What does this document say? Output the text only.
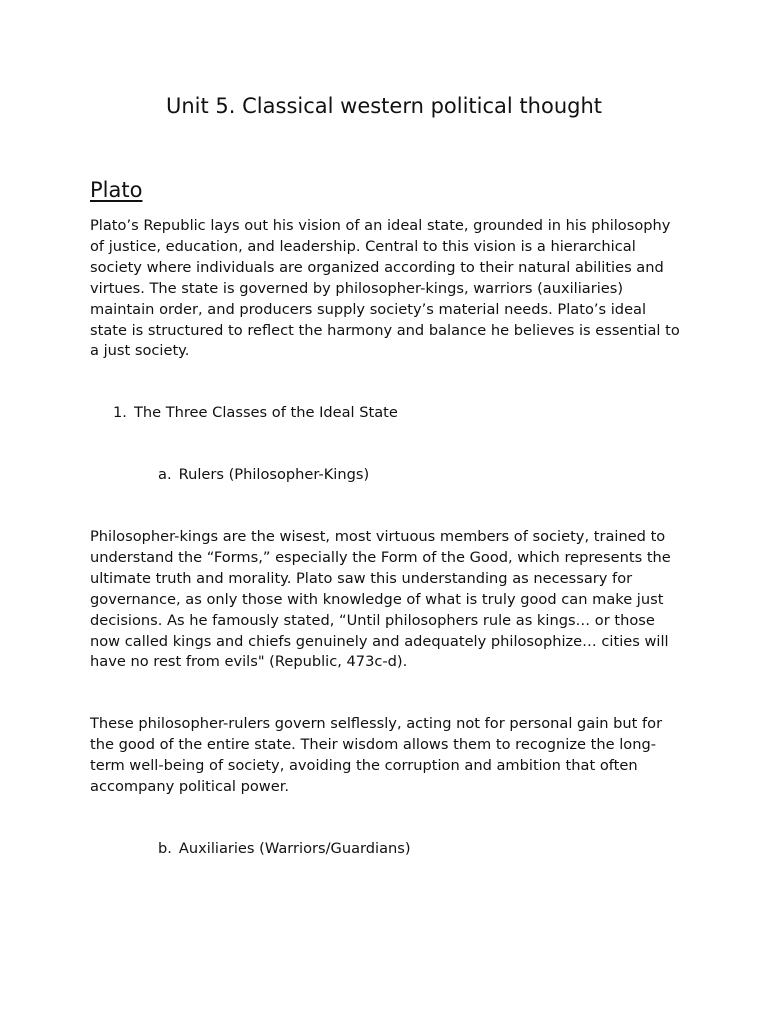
Unit 5. Classical western political thought
Plato

Plato’s Republic lays out his vision of an ideal state, grounded in his philosophy of justice, education, and leadership. Central to this vision is a hierarchical society where individuals are organized according to their natural abilities and virtues. The state is governed by philosopher-kings, warriors (auxiliaries) maintain order, and producers supply society’s material needs. Plato’s ideal state is structured to reflect the harmony and balance he believes is essential to a just society.

1. The Three Classes of the Ideal State
a. Rulers (Philosopher-Kings)

Philosopher-kings are the wisest, most virtuous members of society, trained to understand the “Forms,” especially the Form of the Good, which represents the ultimate truth and morality. Plato saw this understanding as necessary for governance, as only those with knowledge of what is truly good can make just decisions. As he famously stated, “Until philosophers rule as kings… or those now called kings and chiefs genuinely and adequately philosophize… cities will have no rest from evils" (Republic, 473c-d).

These philosopher-rulers govern selflessly, acting not for personal gain but for the good of the entire state. Their wisdom allows them to recognize the long-term well-being of society, avoiding the corruption and ambition that often accompany political power.

b. Auxiliaries (Warriors/Guardians)
